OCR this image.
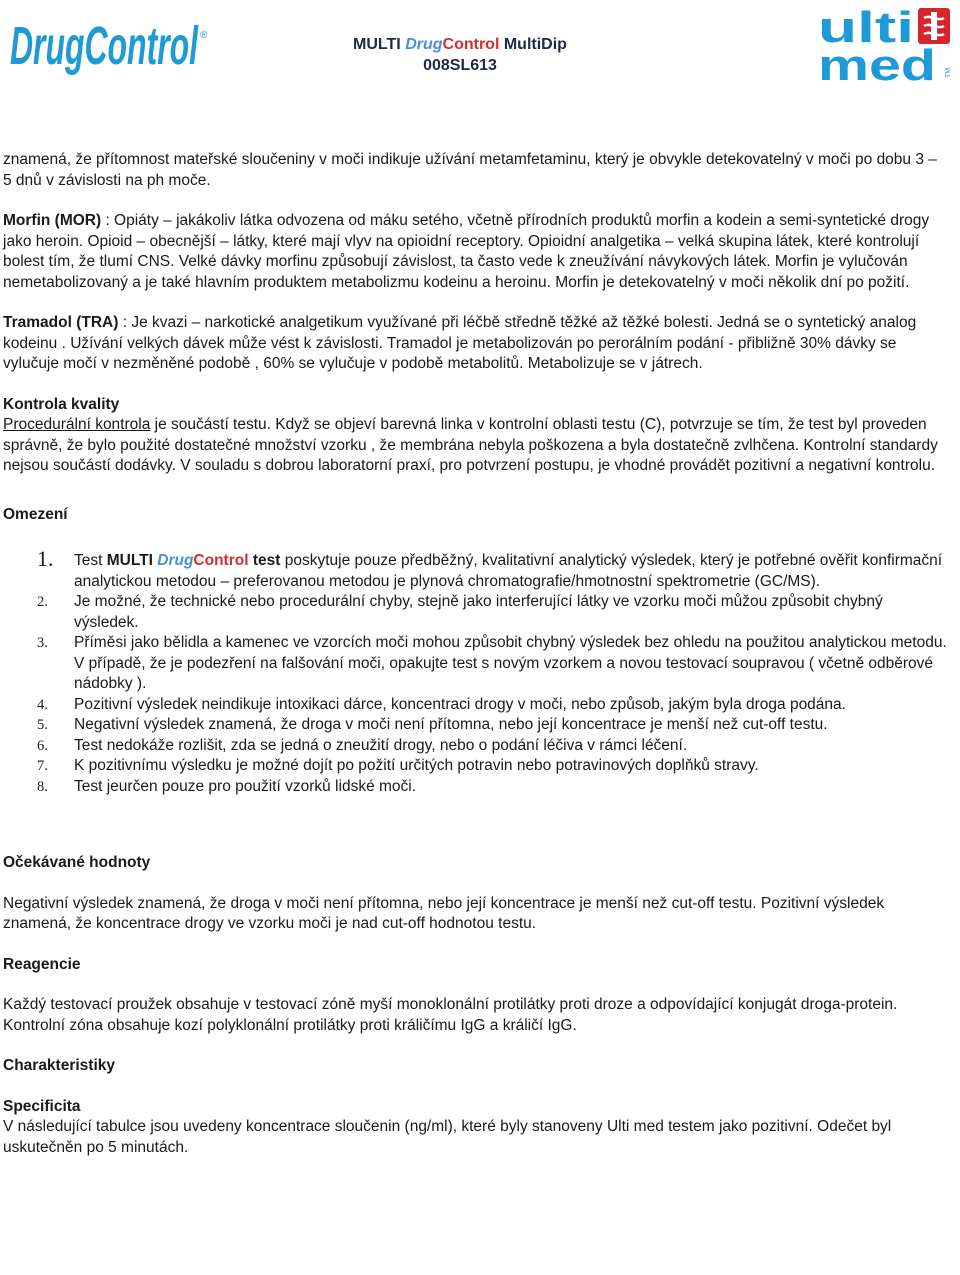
DrugControl ®
MULTI DrugControl MultiDip
008SL613
ulti
med TM

znamená, že přítomnost mateřské sloučeniny v moči indikuje užívání metamfetaminu, který je obvykle detekovatelný v moči po dobu 3 – 5 dnů v závislosti na ph moče.

Morfin (MOR) : Opiáty – jakákoliv látka odvozena od máku setého, včetně přírodních produktů morfin a kodein a semi-syntetické drogy jako heroin. Opioid – obecnější – látky, které mají vlyv na opioidní receptory. Opioidní analgetika – velká skupina látek, které kontrolují bolest tím, že tlumí CNS. Velké dávky morfinu způsobují závislost, ta často vede k zneužívání návykových látek. Morfin je vylučován nemetabolizovaný a je také hlavním produktem metabolizmu kodeinu a heroinu. Morfin je detekovatelný v moči několik dní po požití.

Tramadol (TRA) : Je kvazi – narkotické analgetikum využívané při léčbě středně těžké až těžké bolesti. Jedná se o syntetický analog kodeinu . Užívání velkých dávek může vést k závislosti. Tramadol je metabolizován po perorálním podání - přibližně 30% dávky se vylučuje močí v nezměněné podobě , 60% se vylučuje v podobě metabolitů. Metabolizuje se v játrech.

Kontrola kvality

Procedurální kontrola je součástí testu. Když se objeví barevná linka v kontrolní oblasti testu (C), potvrzuje se tím, že test byl proveden správně, že bylo použité dostatečné množství vzorku , že membrána nebyla poškozena a byla dostatečně zvlhčena. Kontrolní standardy nejsou součástí dodávky. V souladu s dobrou laboratorní praxí, pro potvrzení postupu, je vhodné provádět pozitivní a negativní kontrolu.

Omezení

1. Test MULTI DrugControl test poskytuje pouze předběžný, kvalitativní analytický výsledek, který je potřebné ověřit konfirmační analytickou metodou – preferovanou metodou je plynová chromatografie/hmotnostní spektrometrie (GC/MS).
2. Je možné, že technické nebo procedurální chyby, stejně jako interferující látky ve vzorku moči můžou způsobit chybný výsledek.
3. Příměsi jako bělidla a kamenec ve vzorcích moči mohou způsobit chybný výsledek bez ohledu na použitou analytickou metodu. V případě, že je podezření na falšování moči, opakujte test s novým vzorkem a novou testovací soupravou ( včetně odběrové nádobky ).
4. Pozitivní výsledek neindikuje intoxikaci dárce, koncentraci drogy v moči, nebo způsob, jakým byla droga podána.
5. Negativní výsledek znamená, že droga v moči není přítomna, nebo její koncentrace je menší než cut-off testu.
6. Test nedokáže rozlišit, zda se jedná o zneužití drogy, nebo o podání léčiva v rámci léčení.
7. K pozitivnímu výsledku je možné dojít po požití určitých potravin nebo potravinových doplňků stravy.
8. Test jeurčen pouze pro použití vzorků lidské moči.

Očekávané hodnoty

Negativní výsledek znamená, že droga v moči není přítomna, nebo její koncentrace je menší než cut-off testu. Pozitivní výsledek znamená, že koncentrace drogy ve vzorku moči je nad cut-off hodnotou testu.

Reagencie

Každý testovací proužek obsahuje v testovací zóně myší monoklonální protilátky proti droze a odpovídající konjugát droga-protein. Kontrolní zóna obsahuje kozí polyklonální protilátky proti králičímu IgG a králičí IgG.

Charakteristiky

Specificita

V následující tabulce jsou uvedeny koncentrace sloučenin (ng/ml), které byly stanoveny Ulti med testem jako pozitivní. Odečet byl uskutečněn po 5 minutách.
